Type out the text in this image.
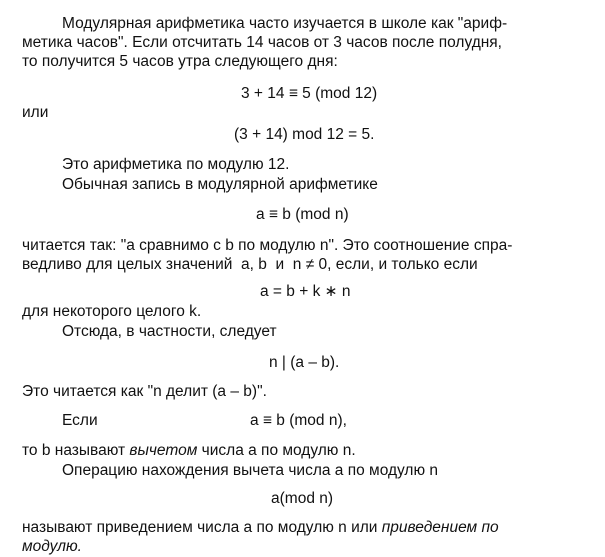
Модулярная арифметика часто изучается в школе как "ариф-
метика часов". Если отсчитать 14 часов от 3 часов после полудня,
то получится 5 часов утра следующего дня:
3 + 14 ≡ 5 (mod 12)
или
(3 + 14) mod 12 = 5.
Это арифметика по модулю 12.
Обычная запись в модулярной арифметике
a ≡ b (mod n)
читается так: "а сравнимо с b по модулю n". Это соотношение спра-
ведливо для целых значений  a, b  и  n ≠ 0, если, и только если
a = b + k ∗ n
для некоторого целого k.
Отсюда, в частности, следует
n | (a – b).
Это читается как "n делит (a – b)".
Если	a ≡ b (mod n),
то b называют вычетом числа a по модулю n.
Операцию нахождения вычета числа a по модулю n
a(mod n)
называют приведением числа a по модулю n или приведением по
модулю.
